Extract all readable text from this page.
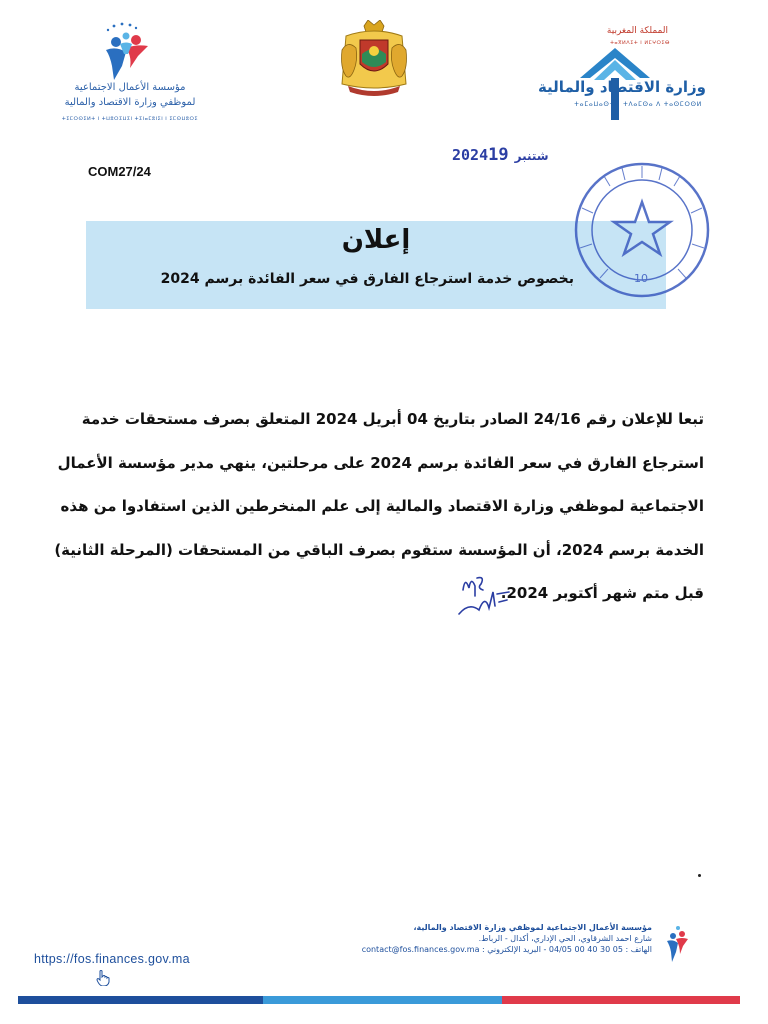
مؤسسة الأعمال الاجتماعية
لموظفي وزارة الاقتصاد والمالية
ⵜⵉⵎⵔⵙⵉⵍⵜ ⵏ ⵜⵡⵓⵔⵉⵡⵉⵏ ⵜⵉⵏⴰⵎⵓⵏⵉⵏ ⵏ ⵉⵎⵙⵡⵓⵔⵉ
المملكة المغربية
ⵜⴰⴳⵍⴷⵉⵜ ⵏ ⵍⵎⵖⵔⵉⴱ
وزارة الاقتصاد والمالية
ⵜⴰⵎⴰⵡⴰⵙⵜ ⵏ ⵜⴷⴰⵎⵙⴰ ⴷ ⵜⴰⵙⵎⵔⵙⵍ
COM27/24
2024 شتنبر19
إعلان
بخصوص خدمة استرجاع الفارق في سعر الفائدة برسم 2024	10
تبعا للإعلان رقم 24/16 الصادر بتاريخ 04 أبريل 2024 المتعلق بصرف مستحقات خدمة
استرجاع الفارق في سعر الفائدة برسم 2024 على مرحلتين، ينهي مدير مؤسسة الأعمال
الاجتماعية لموظفي وزارة الاقتصاد والمالية إلى علم المنخرطين الذين استفادوا من هذه
الخدمة برسم 2024، أن المؤسسة ستقوم بصرف الباقي من المستحقات (المرحلة الثانية)
قبل متم شهر أكتوبر 2024.
https://fos.finances.gov.ma
مؤسسة الأعمال الاجتماعية لموظفي وزارة الاقتصاد والمالية،
شارع احمد الشرقاوي، الحي الإداري، أكدال - الرباط.
الهاتف : 05 30 40 00 04/05 - البريد الإلكتروني : contact@fos.finances.gov.ma
